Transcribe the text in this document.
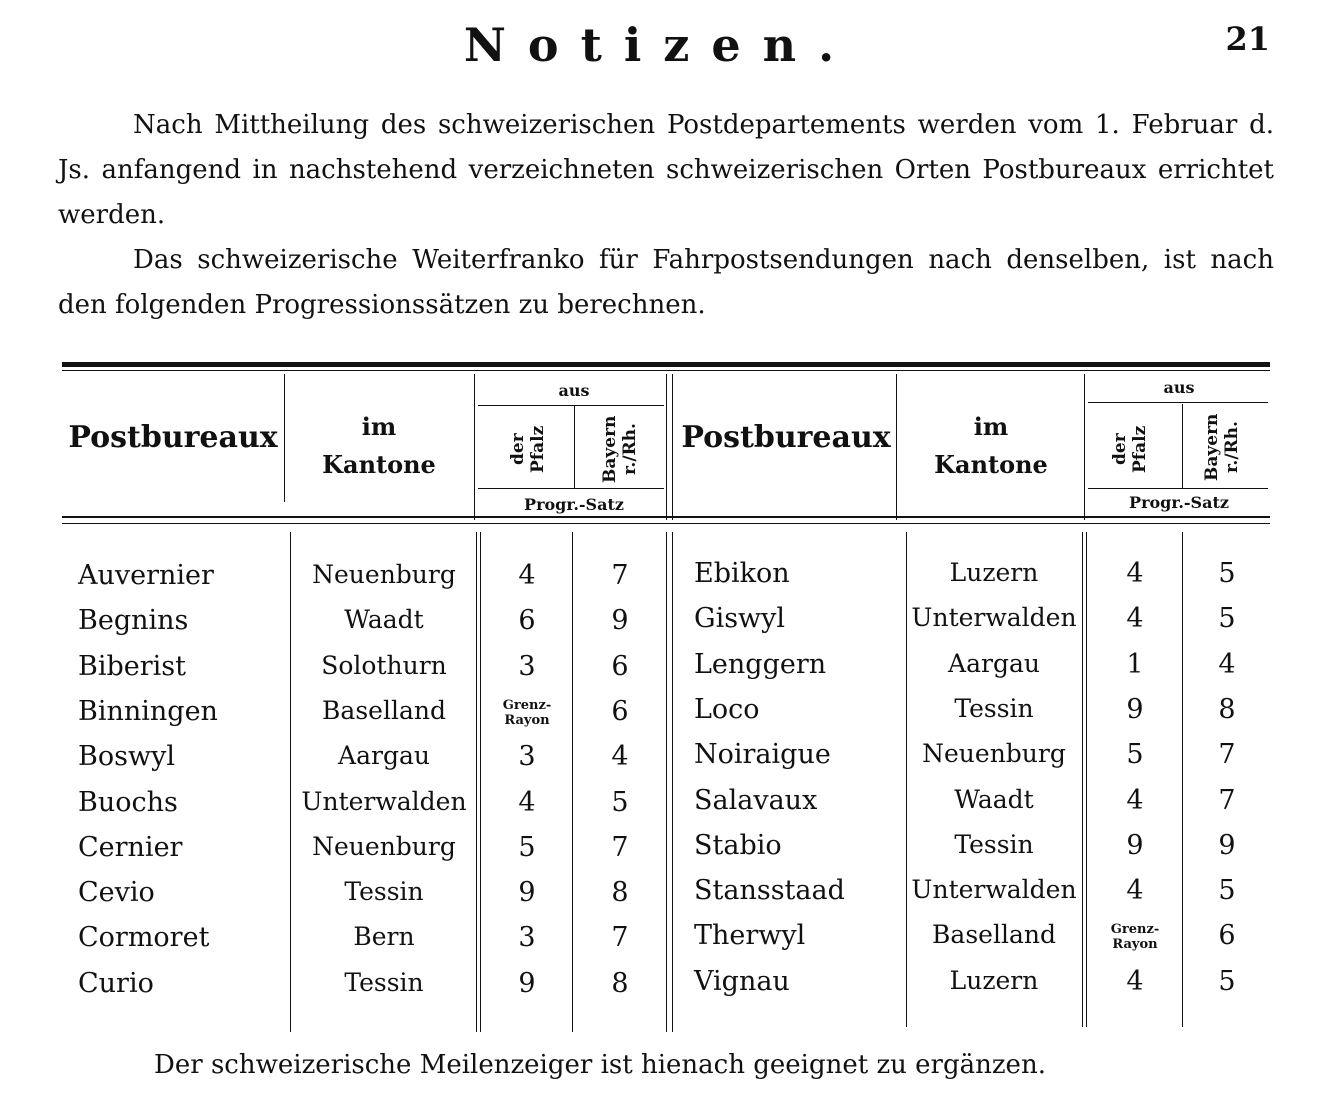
Notizen.	21

Nach Mittheilung des schweizerischen Postdepartements werden vom 1. Februar d. Js. anfangend in nachstehend verzeichneten schweizerischen Orten Postbureaux errichtet werden.

Das schweizerische Weiterfranko für Fahrpostsendungen nach denselben, ist nach den folgenden Progressionssätzen zu berechnen.

Postbureaux	im
Kantone
aus
der Pfalz	Bayern r./Rh.
Progr.-Satz
Postbureaux	im
Kantone
aus
der Pfalz	Bayern r./Rh.
Progr.-Satz
Auvernier	Neuenburg	4	7
Begnins	Waadt	6	9
Biberist	Solothurn	3	6
Binningen	Baselland	Grenz-Rayon	6
Boswyl	Aargau	3	4
Buochs	Unterwalden	4	5
Cernier	Neuenburg	5	7
Cevio	Tessin	9	8
Cormoret	Bern	3	7
Curio	Tessin	9	8
Ebikon	Luzern	4	5
Giswyl	Unterwalden	4	5
Lenggern	Aargau	1	4
Loco	Tessin	9	8
Noiraigue	Neuenburg	5	7
Salavaux	Waadt	4	7
Stabio	Tessin	9	9
Stansstaad	Unterwalden	4	5
Therwyl	Baselland	Grenz-Rayon	6
Vignau	Luzern	4	5
Der schweizerische Meilenzeiger ist hienach geeignet zu ergänzen.
